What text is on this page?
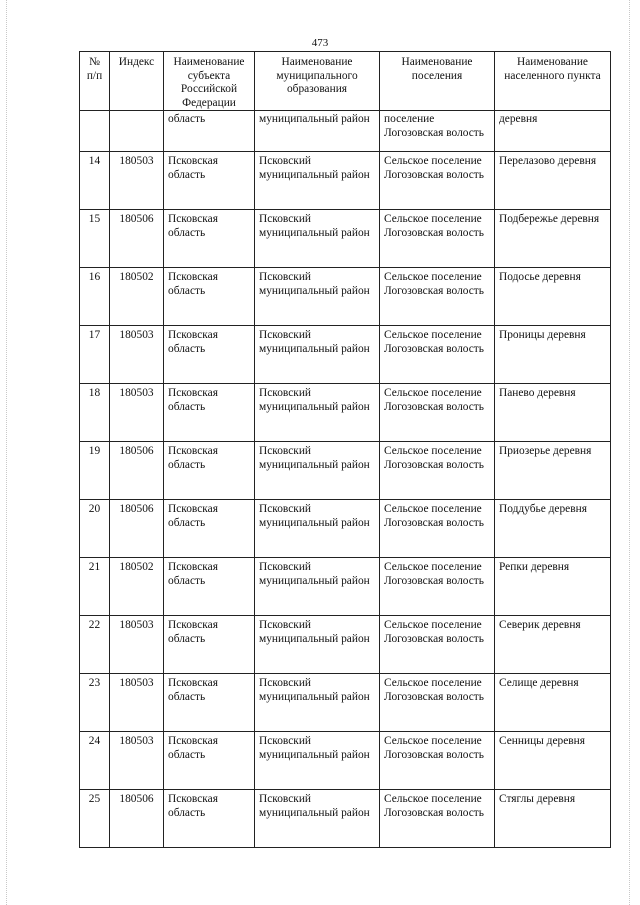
473
№ п/п	Индекс	Наименование субъекта Российской Федерации	Наименование муниципального образования	Наименование поселения	Наименование населенного пункта
		область	муниципальный район	поселение Логозовская волость	деревня
14	180503	Псковская область	Псковский муниципальный район	Сельское поселение Логозовская волость	Перелазово деревня
15	180506	Псковская область	Псковский муниципальный район	Сельское поселение Логозовская волость	Подбережье деревня
16	180502	Псковская область	Псковский муниципальный район	Сельское поселение Логозовская волость	Подосье деревня
17	180503	Псковская область	Псковский муниципальный район	Сельское поселение Логозовская волость	Проницы деревня
18	180503	Псковская область	Псковский муниципальный район	Сельское поселение Логозовская волость	Панево деревня
19	180506	Псковская область	Псковский муниципальный район	Сельское поселение Логозовская волость	Приозерье деревня
20	180506	Псковская область	Псковский муниципальный район	Сельское поселение Логозовская волость	Поддубье деревня
21	180502	Псковская область	Псковский муниципальный район	Сельское поселение Логозовская волость	Репки деревня
22	180503	Псковская область	Псковский муниципальный район	Сельское поселение Логозовская волость	Северик деревня
23	180503	Псковская область	Псковский муниципальный район	Сельское поселение Логозовская волость	Селище деревня
24	180503	Псковская область	Псковский муниципальный район	Сельское поселение Логозовская волость	Сенницы деревня
25	180506	Псковская область	Псковский муниципальный район	Сельское поселение Логозовская волость	Стяглы деревня
